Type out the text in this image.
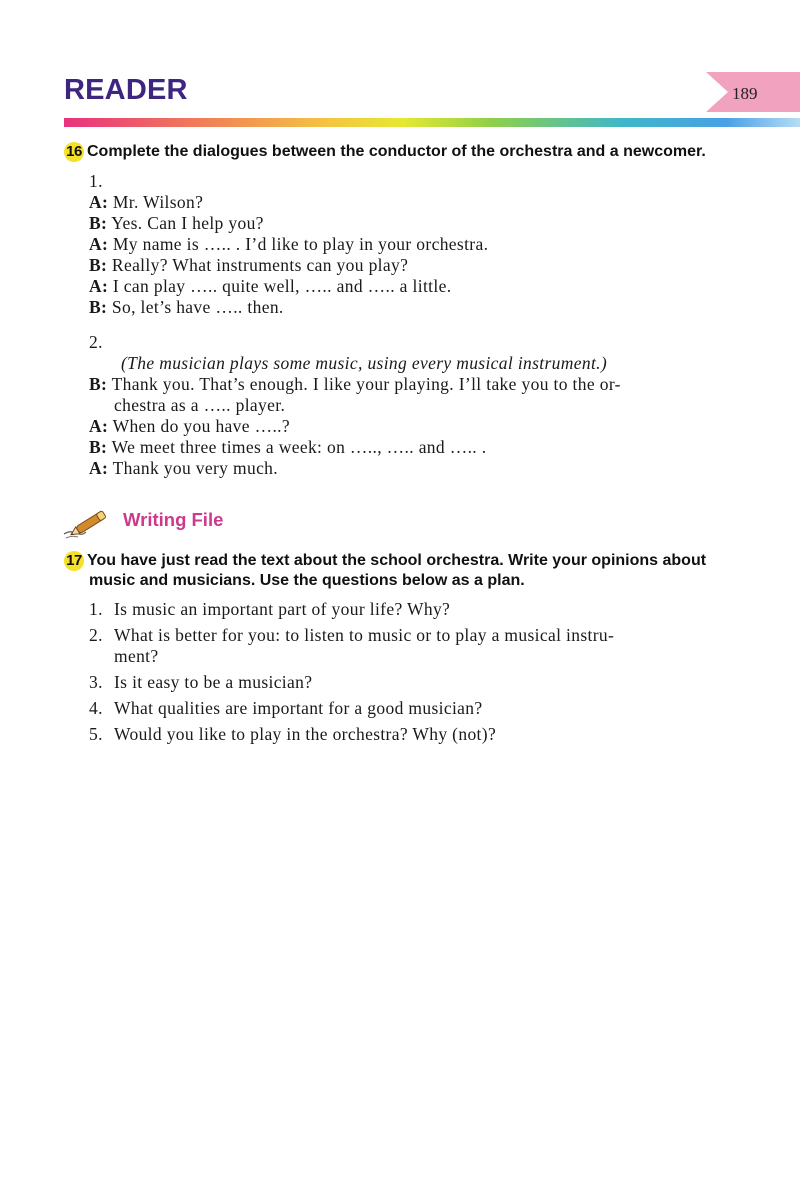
READER	189
16 Complete the dialogues between the conductor of the orchestra and a newcomer.
1.
A: Mr. Wilson?
B: Yes. Can I help you?
A: My name is ….. . I’d like to play in your orchestra.
B: Really? What instruments can you play?
A: I can play ….. quite well, ….. and ….. a little.
B: So, let’s have ….. then.
2.
(The musician plays some music, using every musical instrument.)
B: Thank you. That’s enough. I like your playing. I’ll take you to the or-
chestra as a ….. player.
A: When do you have …..?
B: We meet three times a week: on ….., ….. and ….. .
A: Thank you very much.
Writing File
17 You have just read the text about the school orchestra. Write your opinions about
music and musicians. Use the questions below as a plan.
1. Is music an important part of your life? Why?
2. What is better for you: to listen to music or to play a musical instru-
ment?
3. Is it easy to be a musician?
4. What qualities are important for a good musician?
5. Would you like to play in the orchestra? Why (not)?
